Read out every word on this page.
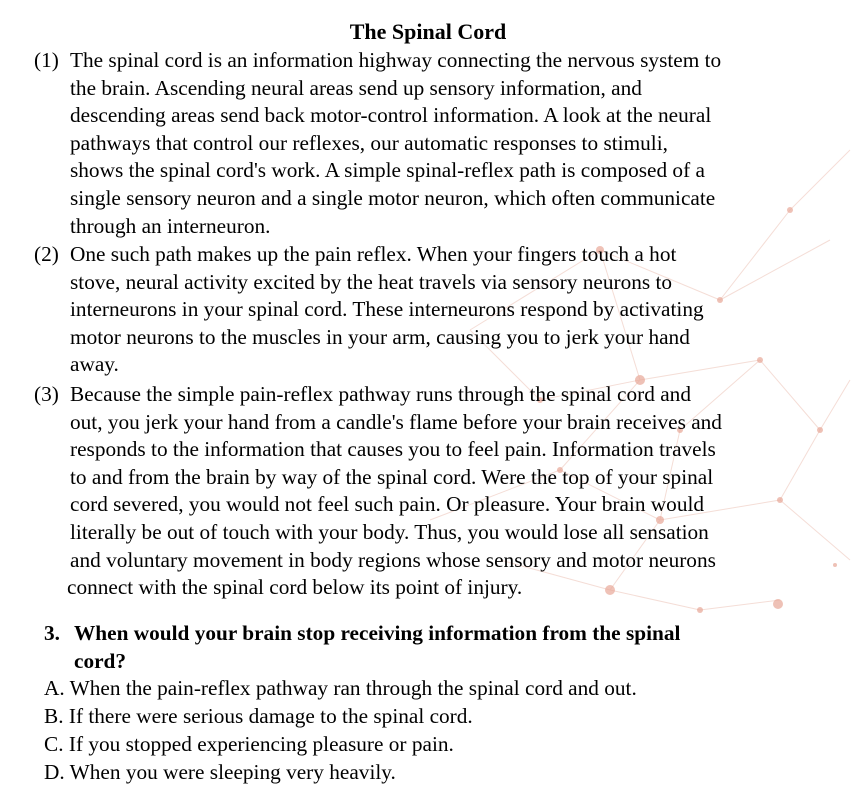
The Spinal Cord
(1) The spinal cord is an information highway connecting the nervous system to
the brain. Ascending neural areas send up sensory information, and
descending areas send back motor-control information. A look at the neural
pathways that control our reflexes, our automatic responses to stimuli,
shows the spinal cord's work. A simple spinal-reflex path is composed of a
single sensory neuron and a single motor neuron, which often communicate
through an interneuron.
(2) One such path makes up the pain reflex. When your fingers touch a hot
stove, neural activity excited by the heat travels via sensory neurons to
interneurons in your spinal cord. These interneurons respond by activating
motor neurons to the muscles in your arm, causing you to jerk your hand
away.
(3) Because the simple pain-reflex pathway runs through the spinal cord and
out, you jerk your hand from a candle's flame before your brain receives and
responds to the information that causes you to feel pain. Information travels
to and from the brain by way of the spinal cord. Were the top of your spinal
cord severed, you would not feel such pain. Or pleasure. Your brain would
literally be out of touch with your body. Thus, you would lose all sensation
and voluntary movement in body regions whose sensory and motor neurons
connect with the spinal cord below its point of injury.
3. When would your brain stop receiving information from the spinal
cord?
A. When the pain-reflex pathway ran through the spinal cord and out.
B. If there were serious damage to the spinal cord.
C. If you stopped experiencing pleasure or pain.
D. When you were sleeping very heavily.
